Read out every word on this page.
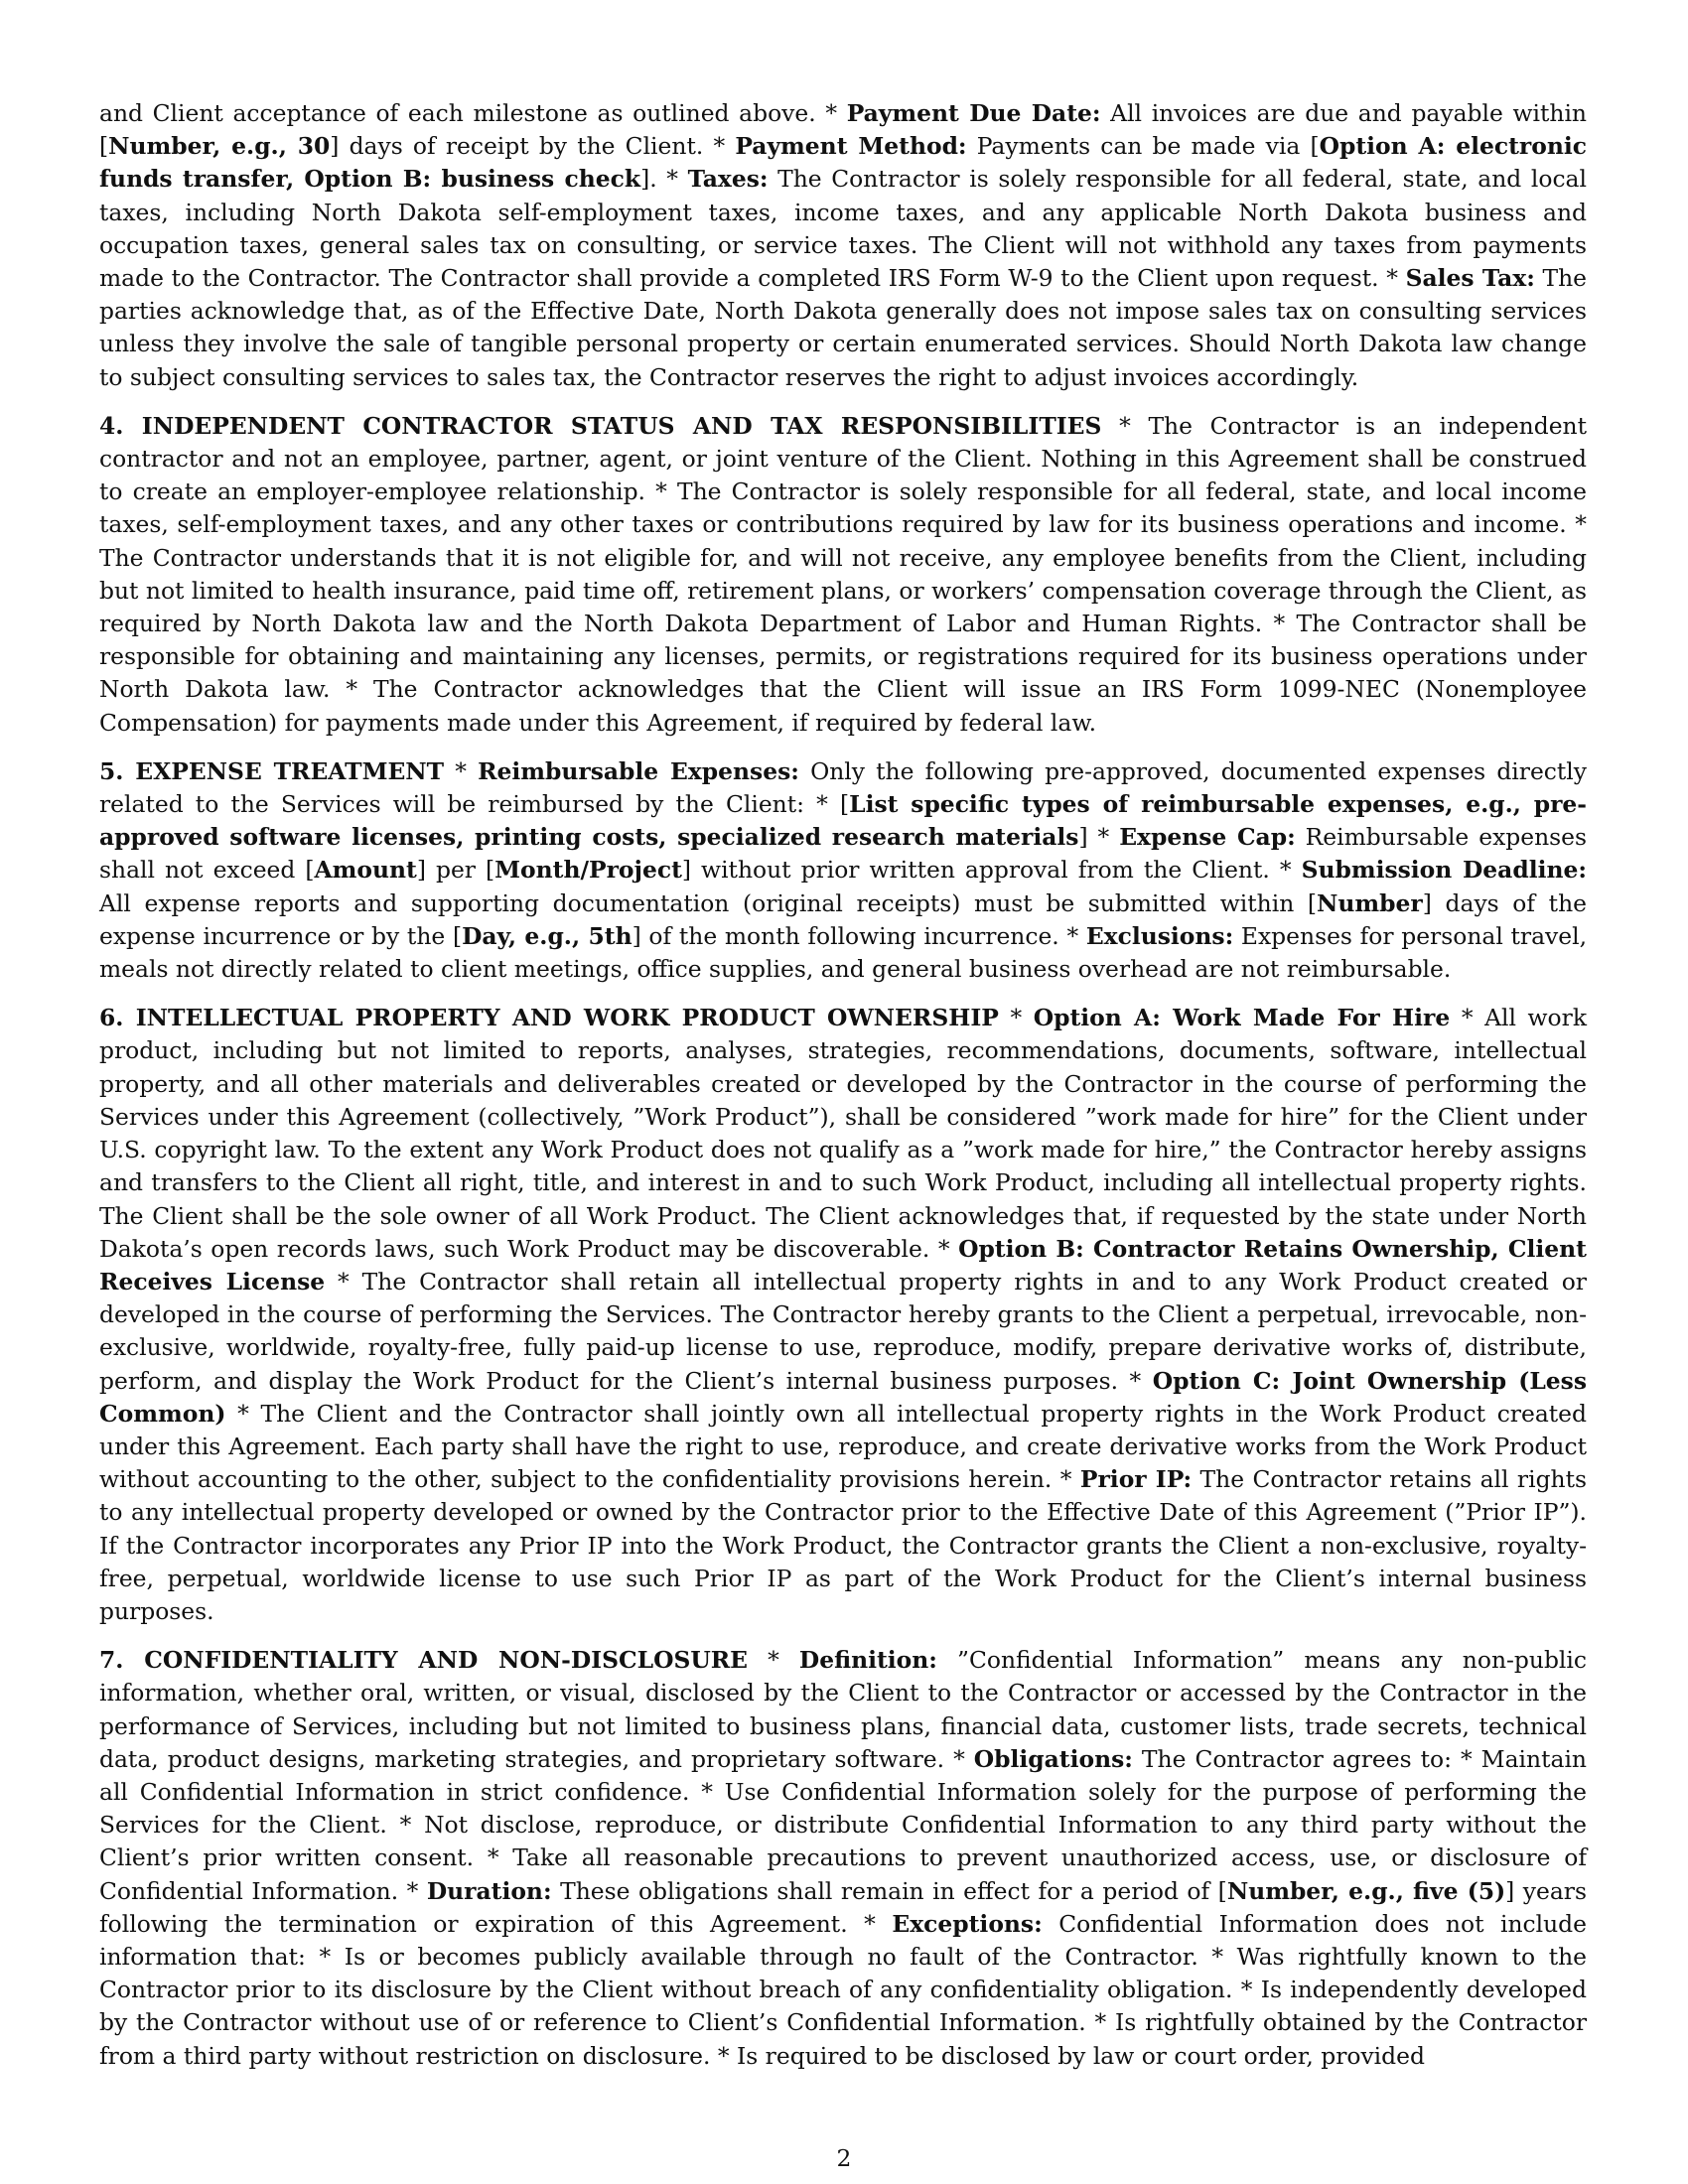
and Client acceptance of each milestone as outlined above. * Payment Due Date: All invoices are due and payable within [Number, e.g., 30] days of receipt by the Client. * Payment Method: Payments can be made via [Option A: electronic funds transfer, Option B: business check]. * Taxes: The Contractor is solely responsible for all federal, state, and local taxes, including North Dakota self-employment taxes, income taxes, and any applicable North Dakota business and occupation taxes, general sales tax on consulting, or service taxes. The Client will not withhold any taxes from payments made to the Contractor. The Contractor shall provide a completed IRS Form W-9 to the Client upon request. * Sales Tax: The parties acknowledge that, as of the Effective Date, North Dakota generally does not impose sales tax on consulting services unless they involve the sale of tangible personal property or certain enumerated services. Should North Dakota law change to subject consulting services to sales tax, the Contractor reserves the right to adjust invoices accordingly.

4. INDEPENDENT CONTRACTOR STATUS AND TAX RESPONSIBILITIES * The Contractor is an independent contractor and not an employee, partner, agent, or joint venture of the Client. Nothing in this Agreement shall be construed to create an employer-employee relationship. * The Contractor is solely responsible for all federal, state, and local income taxes, self-employment taxes, and any other taxes or contributions required by law for its business operations and income. * The Contractor understands that it is not eligible for, and will not receive, any employee benefits from the Client, including but not limited to health insurance, paid time off, retirement plans, or workers’ compensation coverage through the Client, as required by North Dakota law and the North Dakota Department of Labor and Human Rights. * The Contractor shall be responsible for obtaining and maintaining any licenses, permits, or registrations required for its business operations under North Dakota law. * The Contractor acknowledges that the Client will issue an IRS Form 1099-NEC (Nonemployee Compensation) for payments made under this Agreement, if required by federal law.

5. EXPENSE TREATMENT * Reimbursable Expenses: Only the following pre-approved, documented expenses directly related to the Services will be reimbursed by the Client: * [List specific types of reimbursable expenses, e.g., pre-approved software licenses, printing costs, specialized research materials] * Expense Cap: Reimbursable expenses shall not exceed [Amount] per [Month/Project] without prior written approval from the Client. * Submission Deadline: All expense reports and supporting documentation (original receipts) must be submitted within [Number] days of the expense incurrence or by the [Day, e.g., 5th] of the month following incurrence. * Exclusions: Expenses for personal travel, meals not directly related to client meetings, office supplies, and general business overhead are not reimbursable.

6. INTELLECTUAL PROPERTY AND WORK PRODUCT OWNERSHIP * Option A: Work Made For Hire * All work product, including but not limited to reports, analyses, strategies, recommendations, documents, software, intellectual property, and all other materials and deliverables created or developed by the Contractor in the course of performing the Services under this Agreement (collectively, ”Work Product”), shall be considered ”work made for hire” for the Client under U.S. copyright law. To the extent any Work Product does not qualify as a ”work made for hire,” the Contractor hereby assigns and transfers to the Client all right, title, and interest in and to such Work Product, including all intellectual property rights. The Client shall be the sole owner of all Work Product. The Client acknowledges that, if requested by the state under North Dakota’s open records laws, such Work Product may be discoverable. * Option B: Contractor Retains Ownership, Client Receives License * The Contractor shall retain all intellectual property rights in and to any Work Product created or developed in the course of performing the Services. The Contractor hereby grants to the Client a perpetual, irrevocable, non-exclusive, worldwide, royalty-free, fully paid-up license to use, reproduce, modify, prepare derivative works of, distribute, perform, and display the Work Product for the Client’s internal business purposes. * Option C: Joint Ownership (Less Common) * The Client and the Contractor shall jointly own all intellectual property rights in the Work Product created under this Agreement. Each party shall have the right to use, reproduce, and create derivative works from the Work Product without accounting to the other, subject to the confidentiality provisions herein. * Prior IP: The Contractor retains all rights to any intellectual property developed or owned by the Contractor prior to the Effective Date of this Agreement (”Prior IP”). If the Contractor incorporates any Prior IP into the Work Product, the Contractor grants the Client a non-exclusive, royalty-free, perpetual, worldwide license to use such Prior IP as part of the Work Product for the Client’s internal business purposes.

7. CONFIDENTIALITY AND NON-DISCLOSURE * Definition: ”Confidential Information” means any non-public information, whether oral, written, or visual, disclosed by the Client to the Contractor or accessed by the Contractor in the performance of Services, including but not limited to business plans, financial data, customer lists, trade secrets, technical data, product designs, marketing strategies, and proprietary software. * Obligations: The Contractor agrees to: * Maintain all Confidential Information in strict confidence. * Use Confidential Information solely for the purpose of performing the Services for the Client. * Not disclose, reproduce, or distribute Confidential Information to any third party without the Client’s prior written consent. * Take all reasonable precautions to prevent unauthorized access, use, or disclosure of Confidential Information. * Duration: These obligations shall remain in effect for a period of [Number, e.g., five (5)] years following the termination or expiration of this Agreement. * Exceptions: Confidential Information does not include information that: * Is or becomes publicly available through no fault of the Contractor. * Was rightfully known to the Contractor prior to its disclosure by the Client without breach of any confidentiality obligation. * Is independently developed by the Contractor without use of or reference to Client’s Confidential Information. * Is rightfully obtained by the Contractor from a third party without restriction on disclosure. * Is required to be disclosed by law or court order, provided

2
